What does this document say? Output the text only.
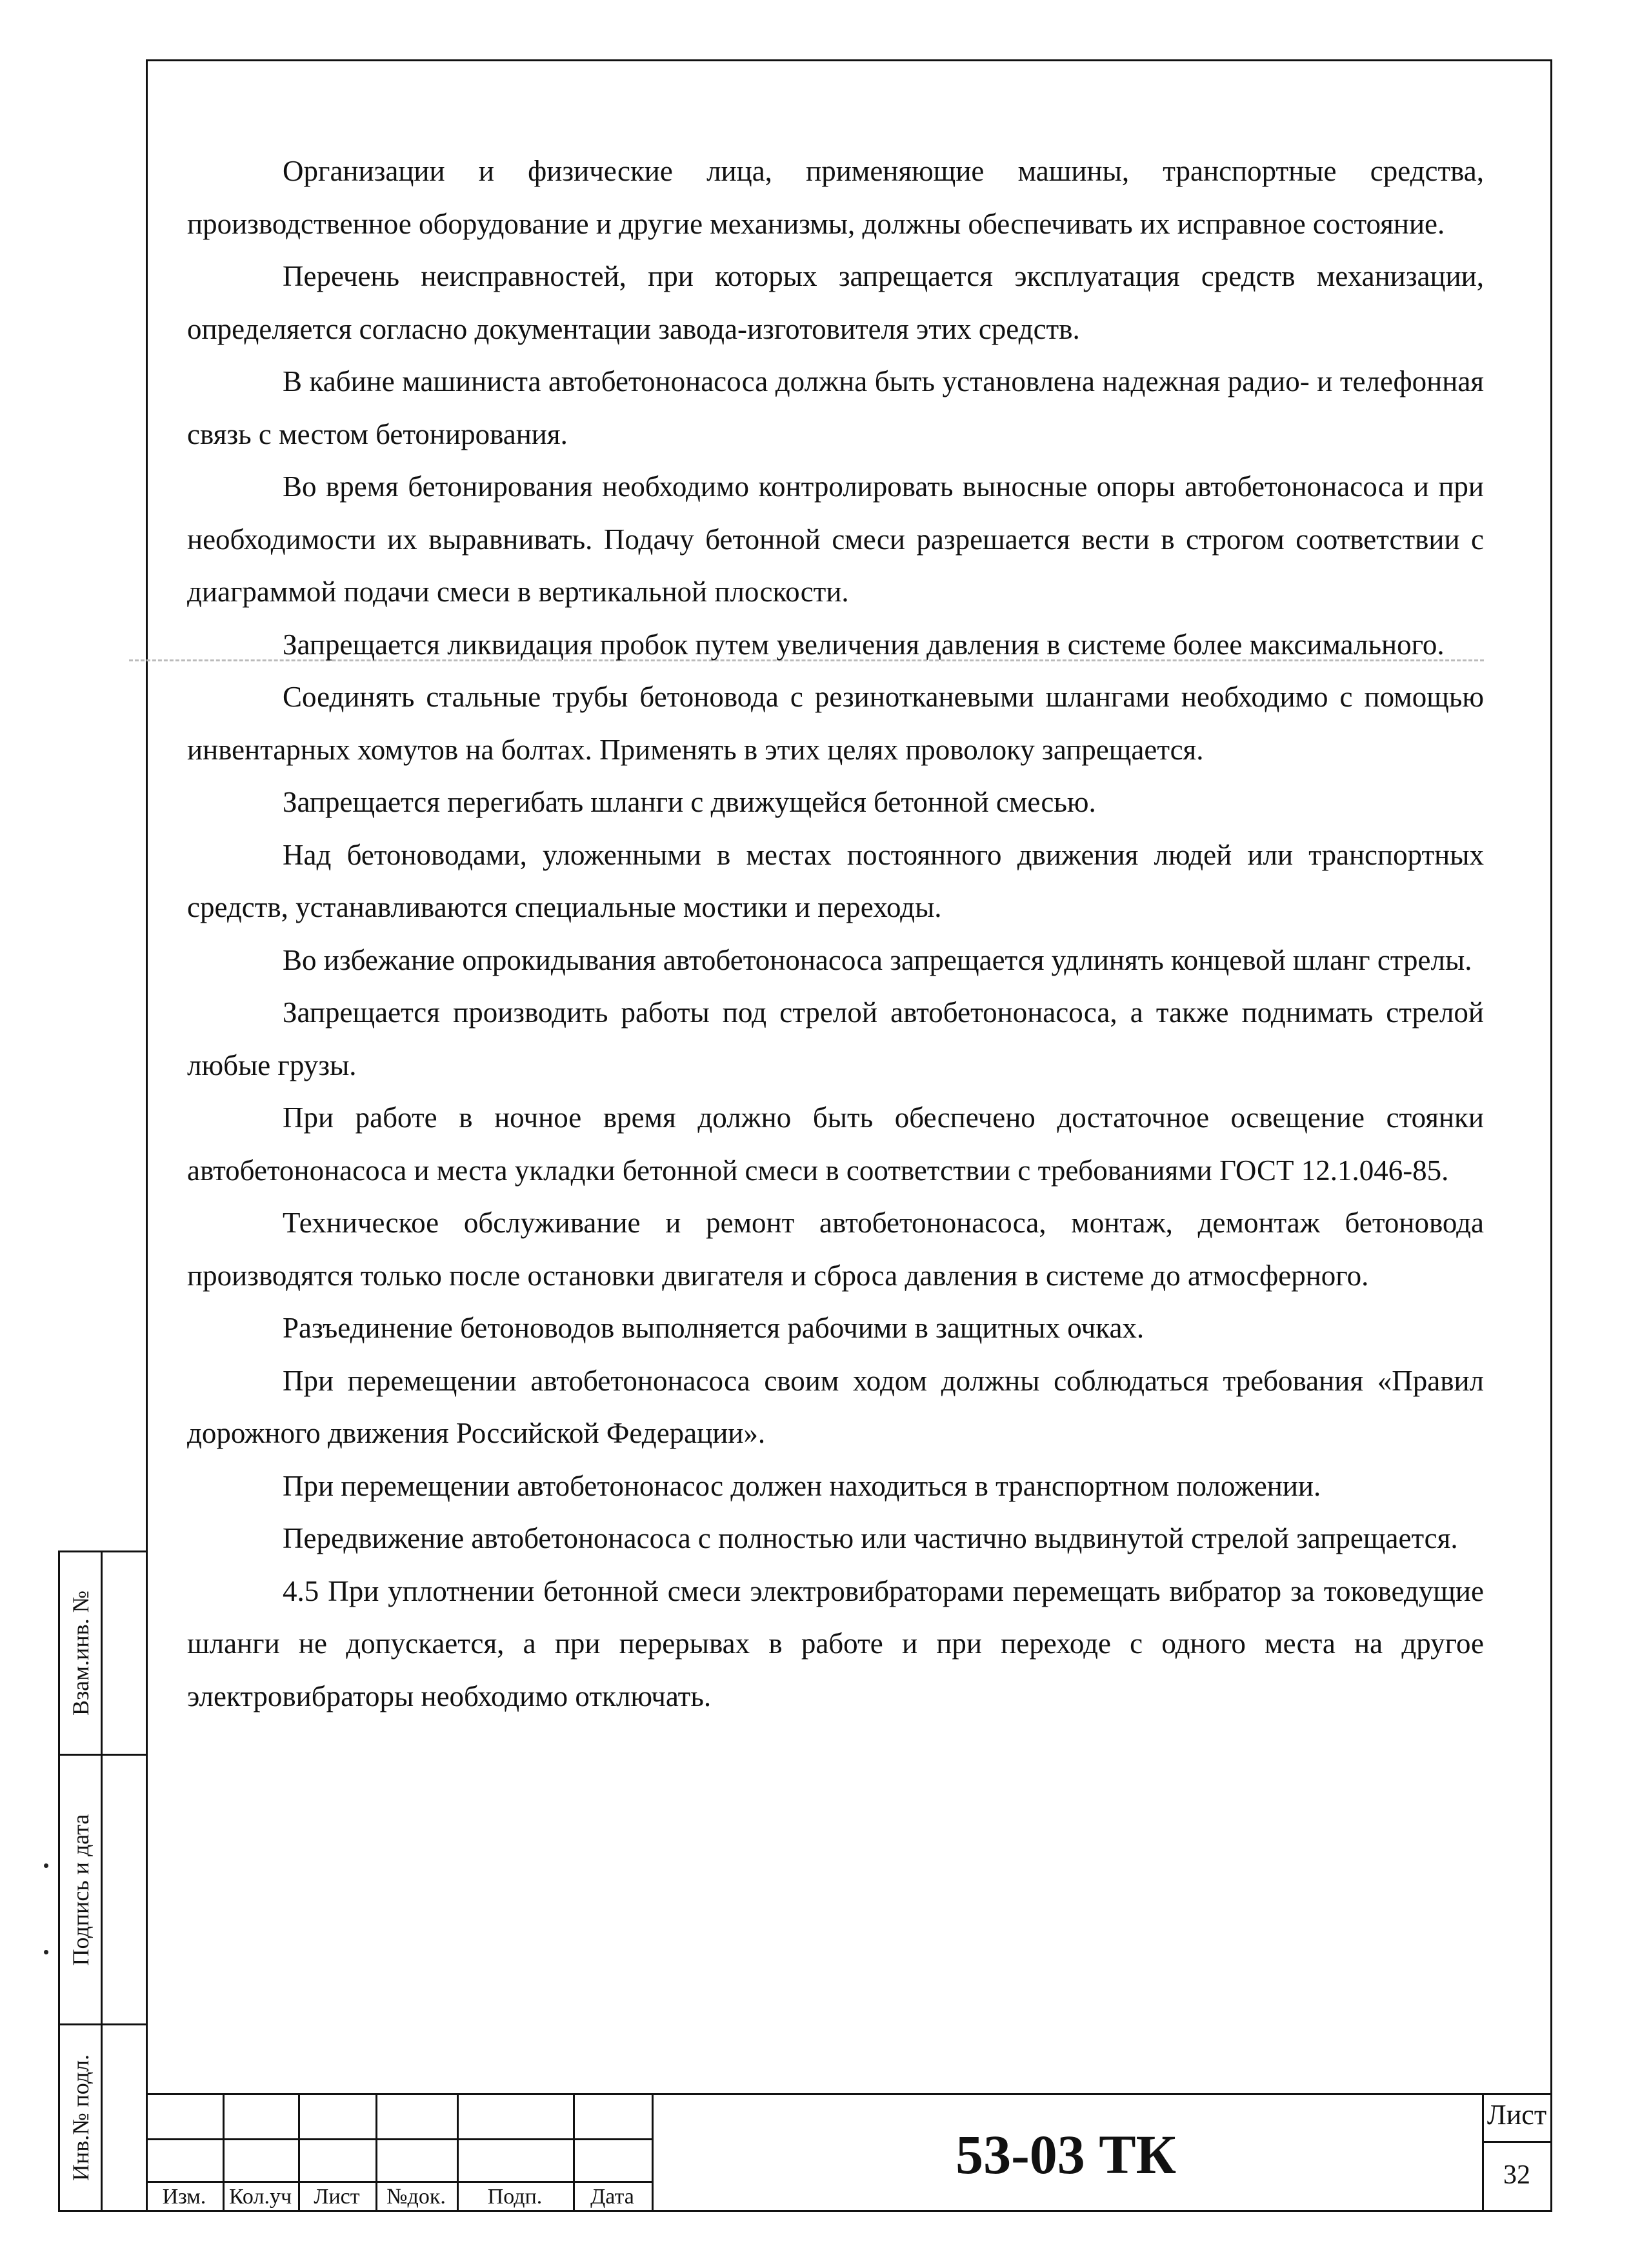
Организации и физические лица, применяющие машины, транспортные средства, производственное оборудование и другие механизмы, должны обеспечивать их исправное состояние.

Перечень неисправностей, при которых запрещается эксплуатация средств механизации, определяется согласно документации завода-изготовителя этих средств.

В кабине машиниста автобетононасоса должна быть установлена надежная радио- и телефонная связь с местом бетонирования.

Во время бетонирования необходимо контролировать выносные опоры автобетононасоса и при необходимости их выравнивать. Подачу бетонной смеси разрешается вести в строгом соответствии с диаграммой подачи смеси в вертикальной плоскости.

Запрещается ликвидация пробок путем увеличения давления в системе более максимального.

Соединять стальные трубы бетоновода с резинотканевыми шлангами необходимо с помощью инвентарных хомутов на болтах. Применять в этих целях проволоку запрещается.

Запрещается перегибать шланги с движущейся бетонной смесью.

Над бетоноводами, уложенными в местах постоянного движения людей или транспортных средств, устанавливаются специальные мостики и переходы.

Во избежание опрокидывания автобетононасоса запрещается удлинять концевой шланг стрелы.

Запрещается производить работы под стрелой автобетононасоса, а также поднимать стрелой любые грузы.

При работе в ночное время должно быть обеспечено достаточное освещение стоянки автобетононасоса и места укладки бетонной смеси в соответствии с требованиями ГОСТ 12.1.046-85.

Техническое обслуживание и ремонт автобетононасоса, монтаж, демонтаж бетоновода производятся только после остановки двигателя и сброса давления в системе до атмосферного.

Разъединение бетоноводов выполняется рабочими в защитных очках.

При перемещении автобетононасоса своим ходом должны соблюдаться требования «Правил дорожного движения Российской Федерации».

При перемещении автобетононасос должен находиться в транспортном положении.

Передвижение автобетононасоса с полностью или частично выдвинутой стрелой запрещается.

4.5 При уплотнении бетонной смеси электровибраторами перемещать вибратор за токоведущие шланги не допускается, а при перерывах в работе и при переходе с одного места на другое электровибраторы необходимо отключать.

Взам.инв. №
Подпись и дата
Инв.№ подл.
Изм.	Кол.уч	Лист	№док.	Подп.	Дата
53-03 ТК
Лист
32
